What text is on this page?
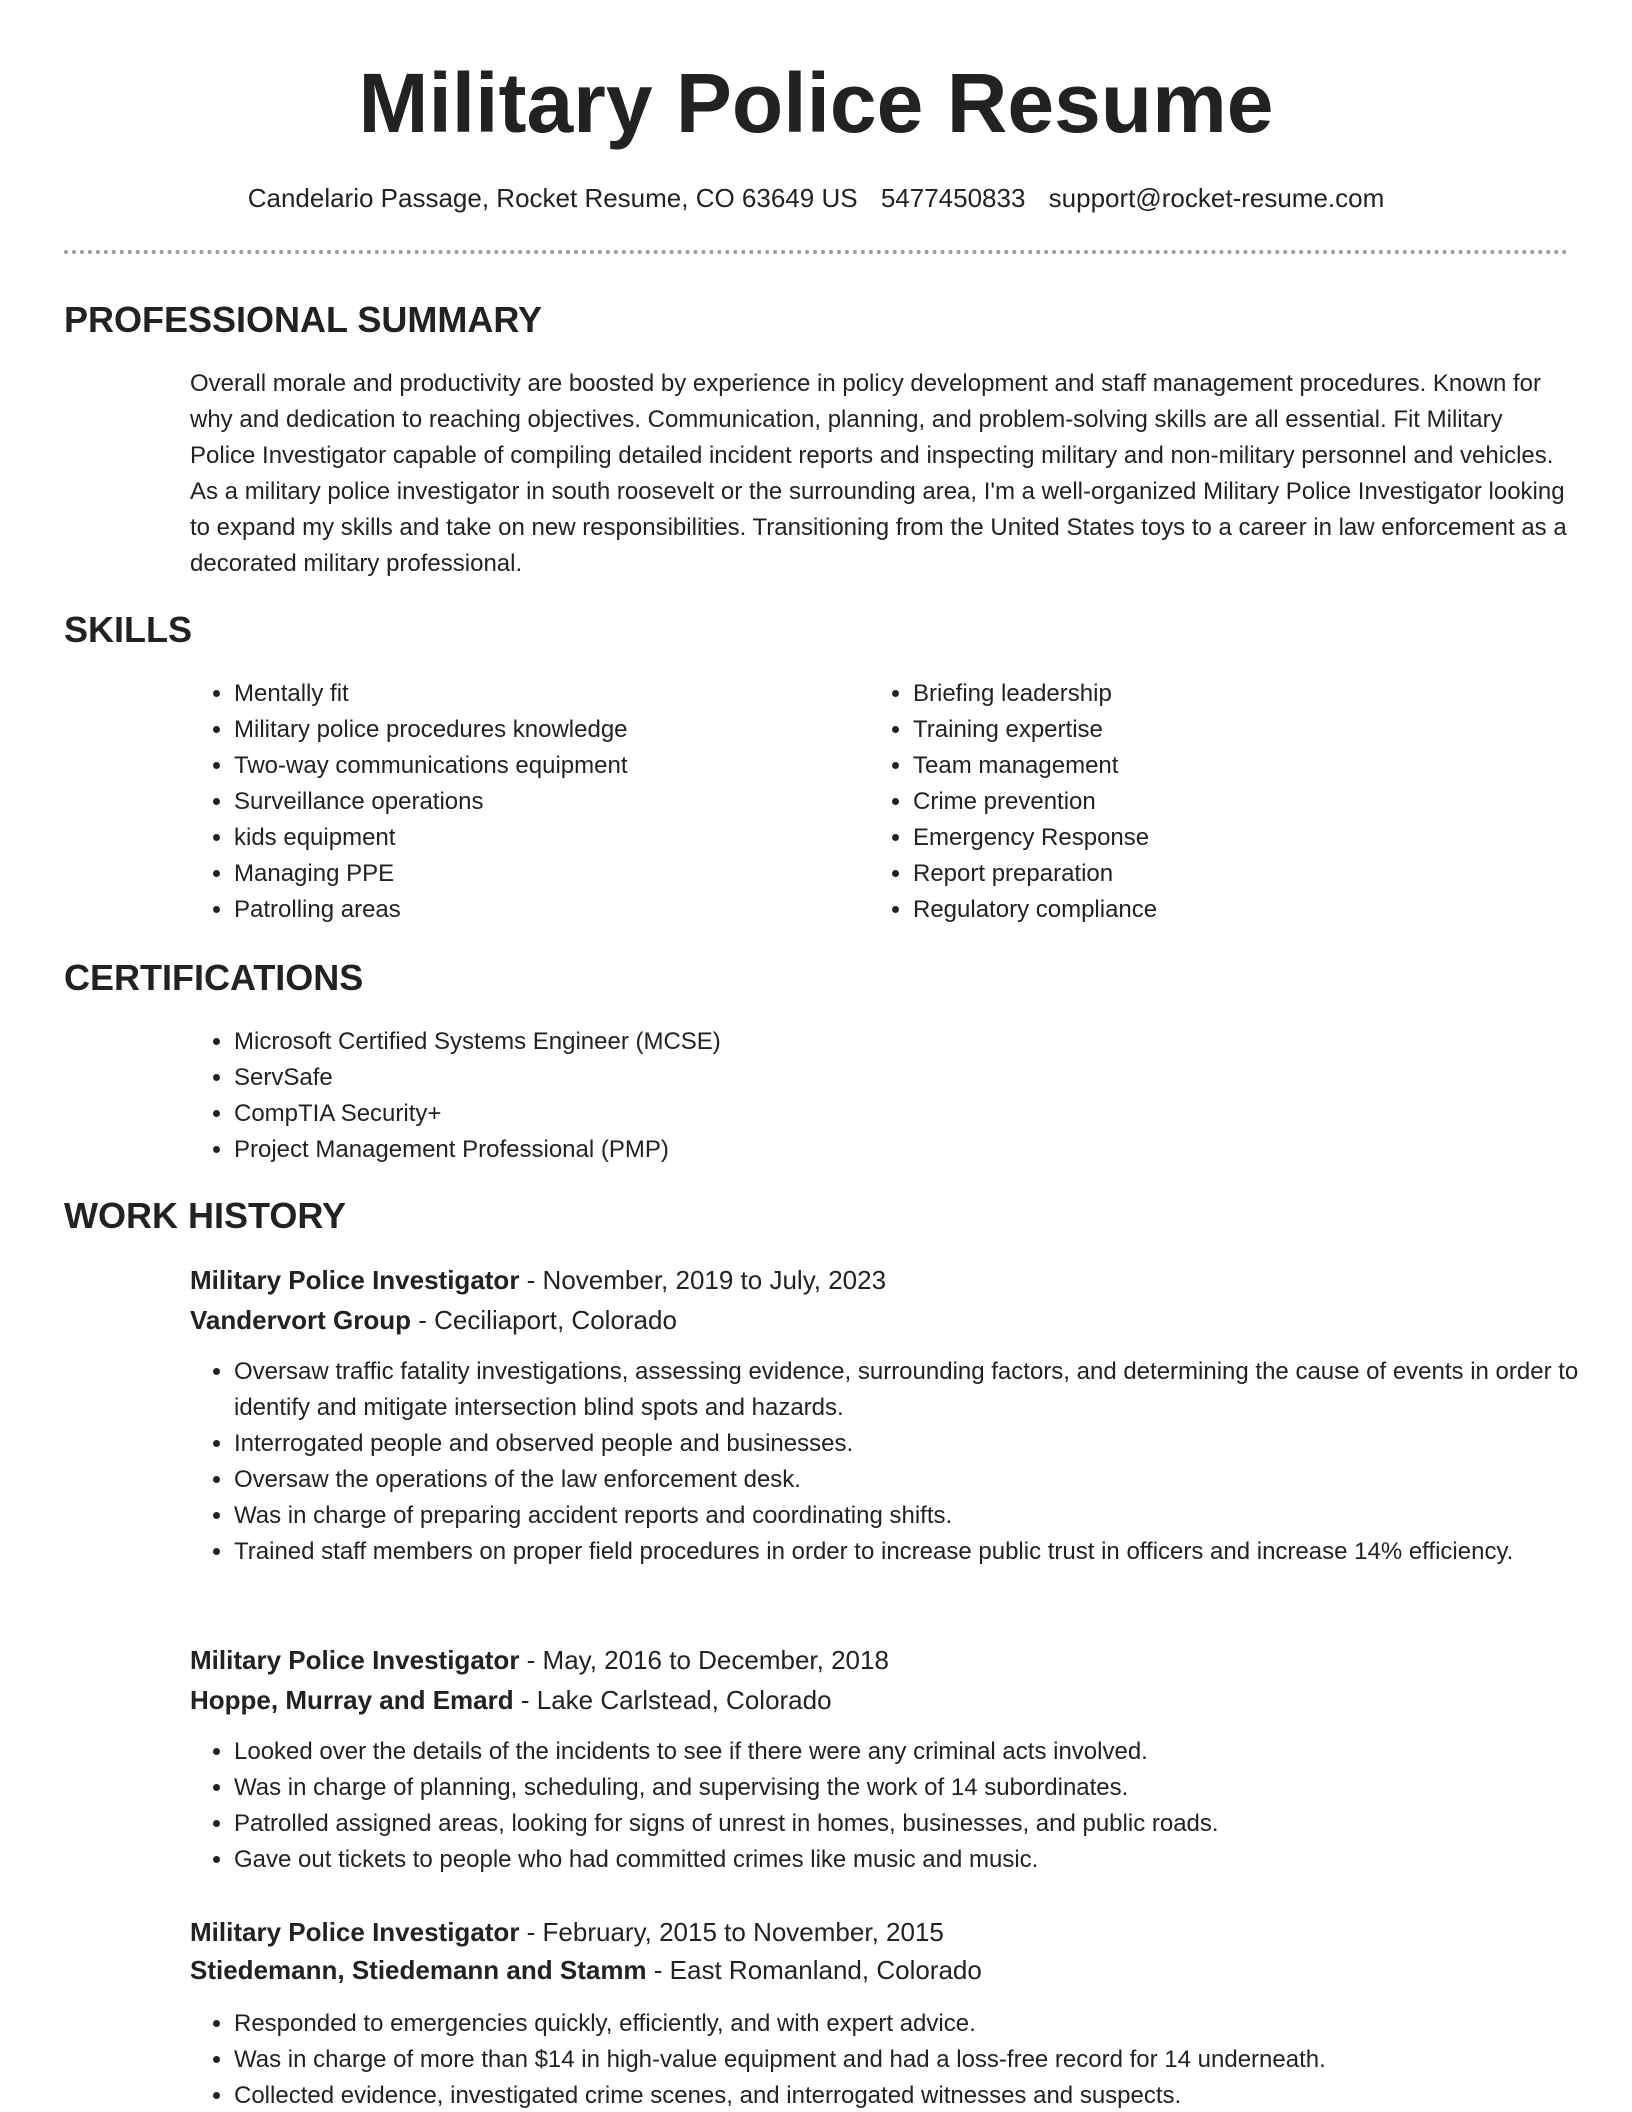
Military Police Resume
Candelario Passage, Rocket Resume, CO 63649 US 5477450833 support@rocket-resume.com
PROFESSIONAL SUMMARY

Overall morale and productivity are boosted by experience in policy development and staff management procedures. Known for why and dedication to reaching objectives. Communication, planning, and problem-solving skills are all essential. Fit Military Police Investigator capable of compiling detailed incident reports and inspecting military and non-military personnel and vehicles. As a military police investigator in south roosevelt or the surrounding area, I'm a well-organized Military Police Investigator looking to expand my skills and take on new responsibilities. Transitioning from the United States toys to a career in law enforcement as a decorated military professional.

SKILLS
• Mentally fit
• Military police procedures knowledge
• Two-way communications equipment
• Surveillance operations
• kids equipment
• Managing PPE
• Patrolling areas
• Briefing leadership
• Training expertise
• Team management
• Crime prevention
• Emergency Response
• Report preparation
• Regulatory compliance
CERTIFICATIONS
• Microsoft Certified Systems Engineer (MCSE)
• ServSafe
• CompTIA Security+
• Project Management Professional (PMP)
WORK HISTORY
Military Police Investigator - November, 2019 to July, 2023
Vandervort Group - Ceciliaport, Colorado
• Oversaw traffic fatality investigations, assessing evidence, surrounding factors, and determining the cause of events in order to identify and mitigate intersection blind spots and hazards.
• Interrogated people and observed people and businesses.
• Oversaw the operations of the law enforcement desk.
• Was in charge of preparing accident reports and coordinating shifts.
• Trained staff members on proper field procedures in order to increase public trust in officers and increase 14% efficiency.
Military Police Investigator - May, 2016 to December, 2018
Hoppe, Murray and Emard - Lake Carlstead, Colorado
• Looked over the details of the incidents to see if there were any criminal acts involved.
• Was in charge of planning, scheduling, and supervising the work of 14 subordinates.
• Patrolled assigned areas, looking for signs of unrest in homes, businesses, and public roads.
• Gave out tickets to people who had committed crimes like music and music.
Military Police Investigator - February, 2015 to November, 2015
Stiedemann, Stiedemann and Stamm - East Romanland, Colorado
• Responded to emergencies quickly, efficiently, and with expert advice.
• Was in charge of more than $14 in high-value equipment and had a loss-free record for 14 underneath.
• Collected evidence, investigated crime scenes, and interrogated witnesses and suspects.
